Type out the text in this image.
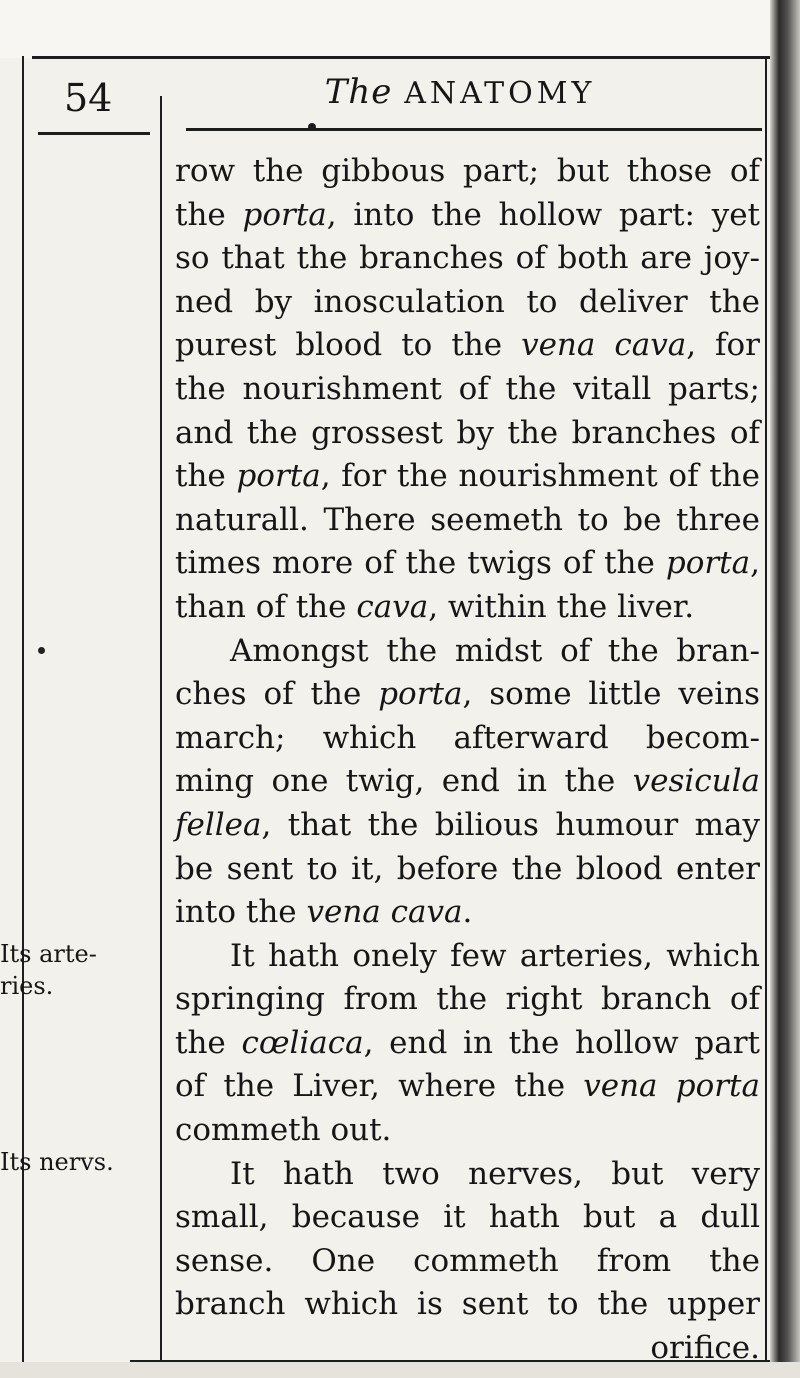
54	The ANATOMY
Its arte-
ries.
Its nervs.
row the gibbous part; but those of
the porta, into the hollow part: yet
so that the branches of both are joy-
ned by inosculation to deliver the
purest blood to the vena cava, for
the nourishment of the vitall parts;
and the grossest by the branches of
the porta, for the nourishment of the
naturall. There seemeth to be three
times more of the twigs of the porta,
than of the cava, within the liver.
Amongst the midst of the bran-
ches of the porta, some little veins
march; which afterward becom-
ming one twig, end in the vesicula
fellea, that the bilious humour may
be sent to it, before the blood enter
into the vena cava.
It hath onely few arteries, which
springing from the right branch of
the cœliaca, end in the hollow part
of the Liver, where the vena porta
commeth out.
It hath two nerves, but very
small, because it hath but a dull
sense. One commeth from the
branch which is sent to the upper
orifice.
